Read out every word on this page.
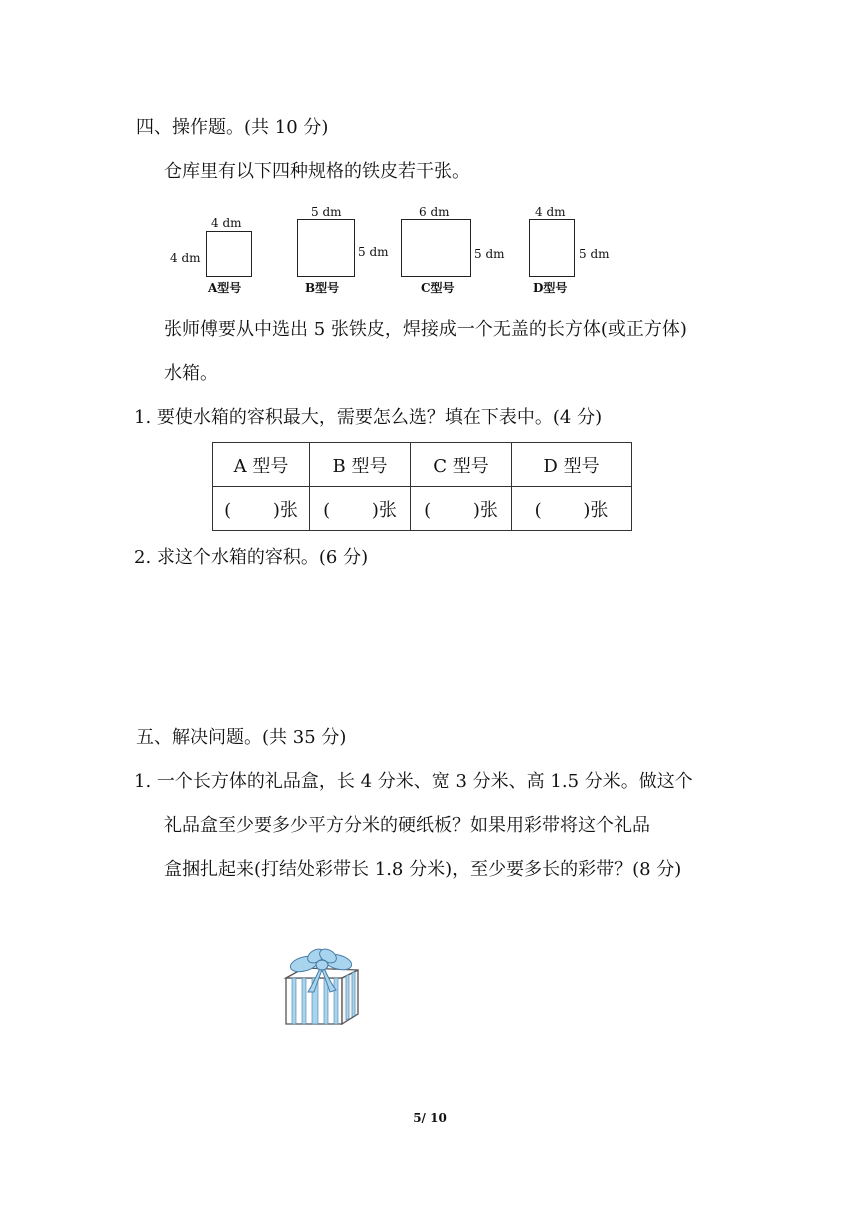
四、操作题。(共 10 分)
仓库里有以下四种规格的铁皮若干张。
4 dm
4 dm
A型号
5 dm
5 dm
B型号
6 dm
5 dm
C型号
4 dm
5 dm
D型号
张师傅要从中选出 5 张铁皮，焊接成一个无盖的长方体(或正方体)
水箱。
1. 要使水箱的容积最大，需要怎么选？填在下表中。(4 分)
A 型号	B 型号	C 型号	D 型号
(　 　)张	(　 　)张	(　 　)张	(　 　)张
2. 求这个水箱的容积。(6 分)
五、解决问题。(共 35 分)
1. 一个长方体的礼品盒，长 4 分米、宽 3 分米、高 1.5 分米。做这个
礼品盒至少要多少平方分米的硬纸板？如果用彩带将这个礼品
盒捆扎起来(打结处彩带长 1.8 分米)，至少要多长的彩带？(8 分)
5/ 10
